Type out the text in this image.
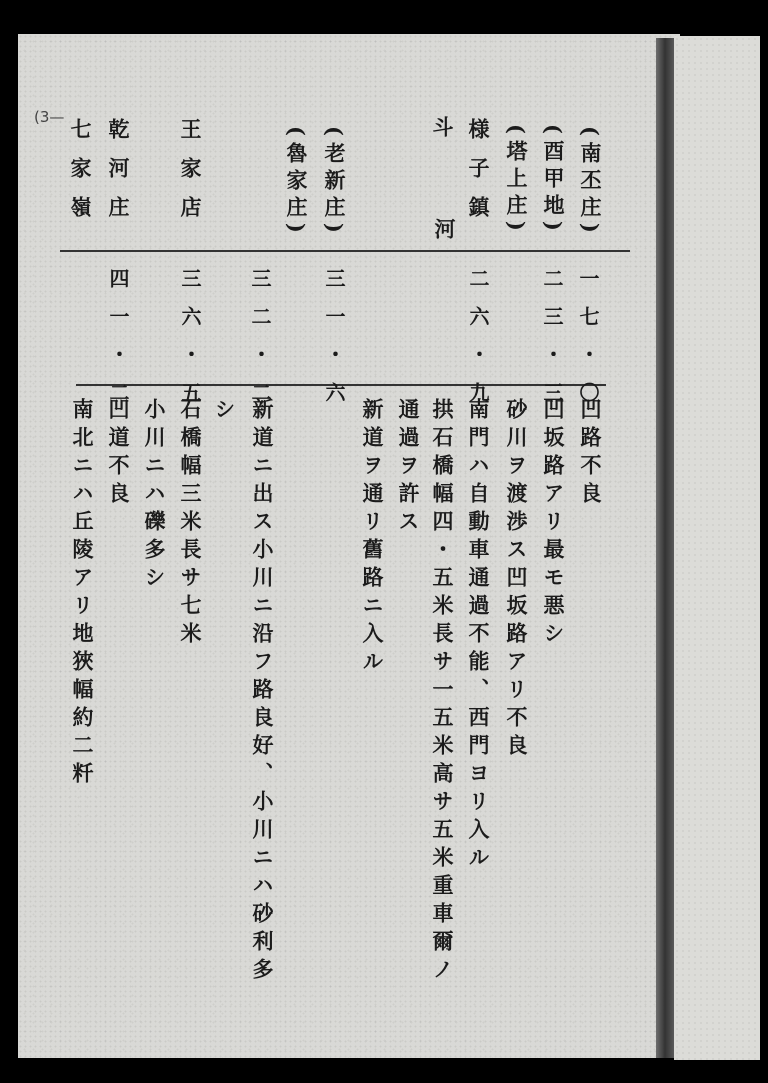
(3—
(南丕庄)
(酉甲地)
(塔上庄)
様子鎮
河
斗
(老新庄)
(魯家庄)
王家店
乾河庄
七家嶺
一七・〇
二三・三
二六・九
三一・六
三二・二
三六・五
四一・二
凹路不良
凹坂路アリ最モ悪シ
砂川ヲ渡渉ス凹坂路アリ不良
南門ハ自動車通過不能、西門ヨリ入ル
拱石橋幅四・五米長サ一五米高サ五米重車爾ノ
通過ヲ許ス
新道ヲ通リ舊路ニ入ル
新道ニ出ス小川ニ沿フ路良好、小川ニハ砂利多
シ
石橋幅三米長サ七米
小川ニハ礫多シ
凹道不良
南北ニハ丘陵アリ地狹幅約二粁
